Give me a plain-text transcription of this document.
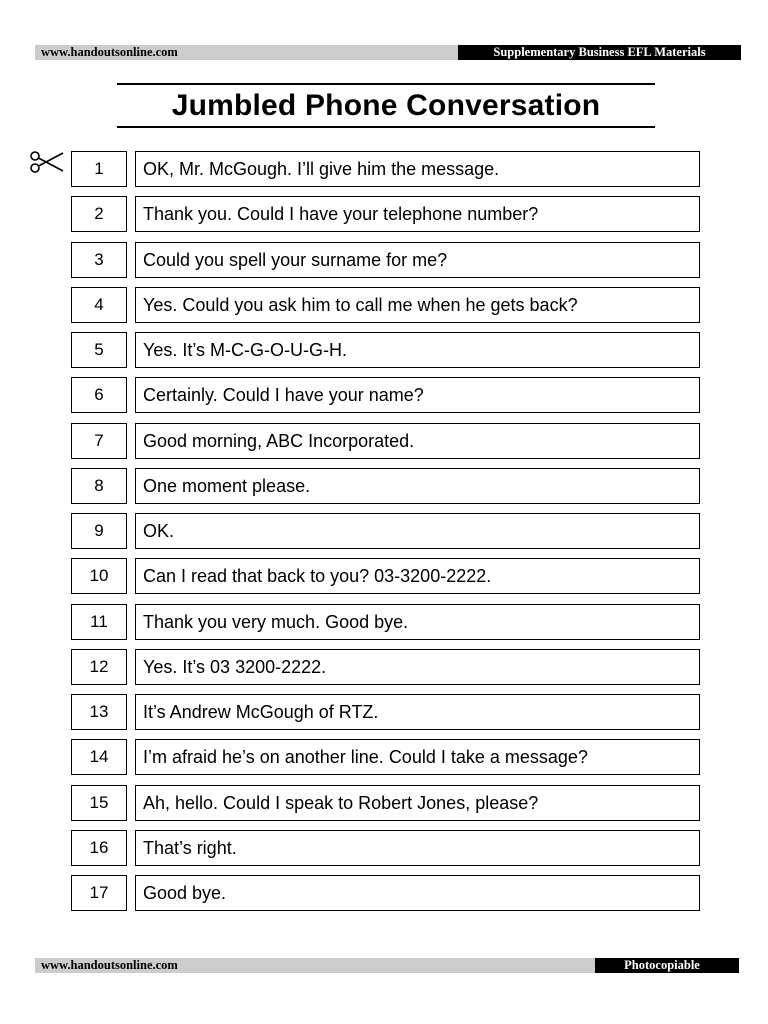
www.handoutsonline.com	Supplementary Business EFL Materials
Jumbled Phone Conversation
1	OK, Mr. McGough. I’ll give him the message.
2	Thank you. Could I have your telephone number?
3	Could you spell your surname for me?
4	Yes. Could you ask him to call me when he gets back?
5	Yes. It’s M-C-G-O-U-G-H.
6	Certainly. Could I have your name?
7	Good morning, ABC Incorporated.
8	One moment please.
9	OK.
10	Can I read that back to you? 03-3200-2222.
11	Thank you very much. Good bye.
12	Yes. It’s 03 3200-2222.
13	It’s Andrew McGough of RTZ.
14	I’m afraid he’s on another line. Could I take a message?
15	Ah, hello. Could I speak to Robert Jones, please?
16	That’s right.
17	Good bye.
www.handoutsonline.com	Photocopiable
